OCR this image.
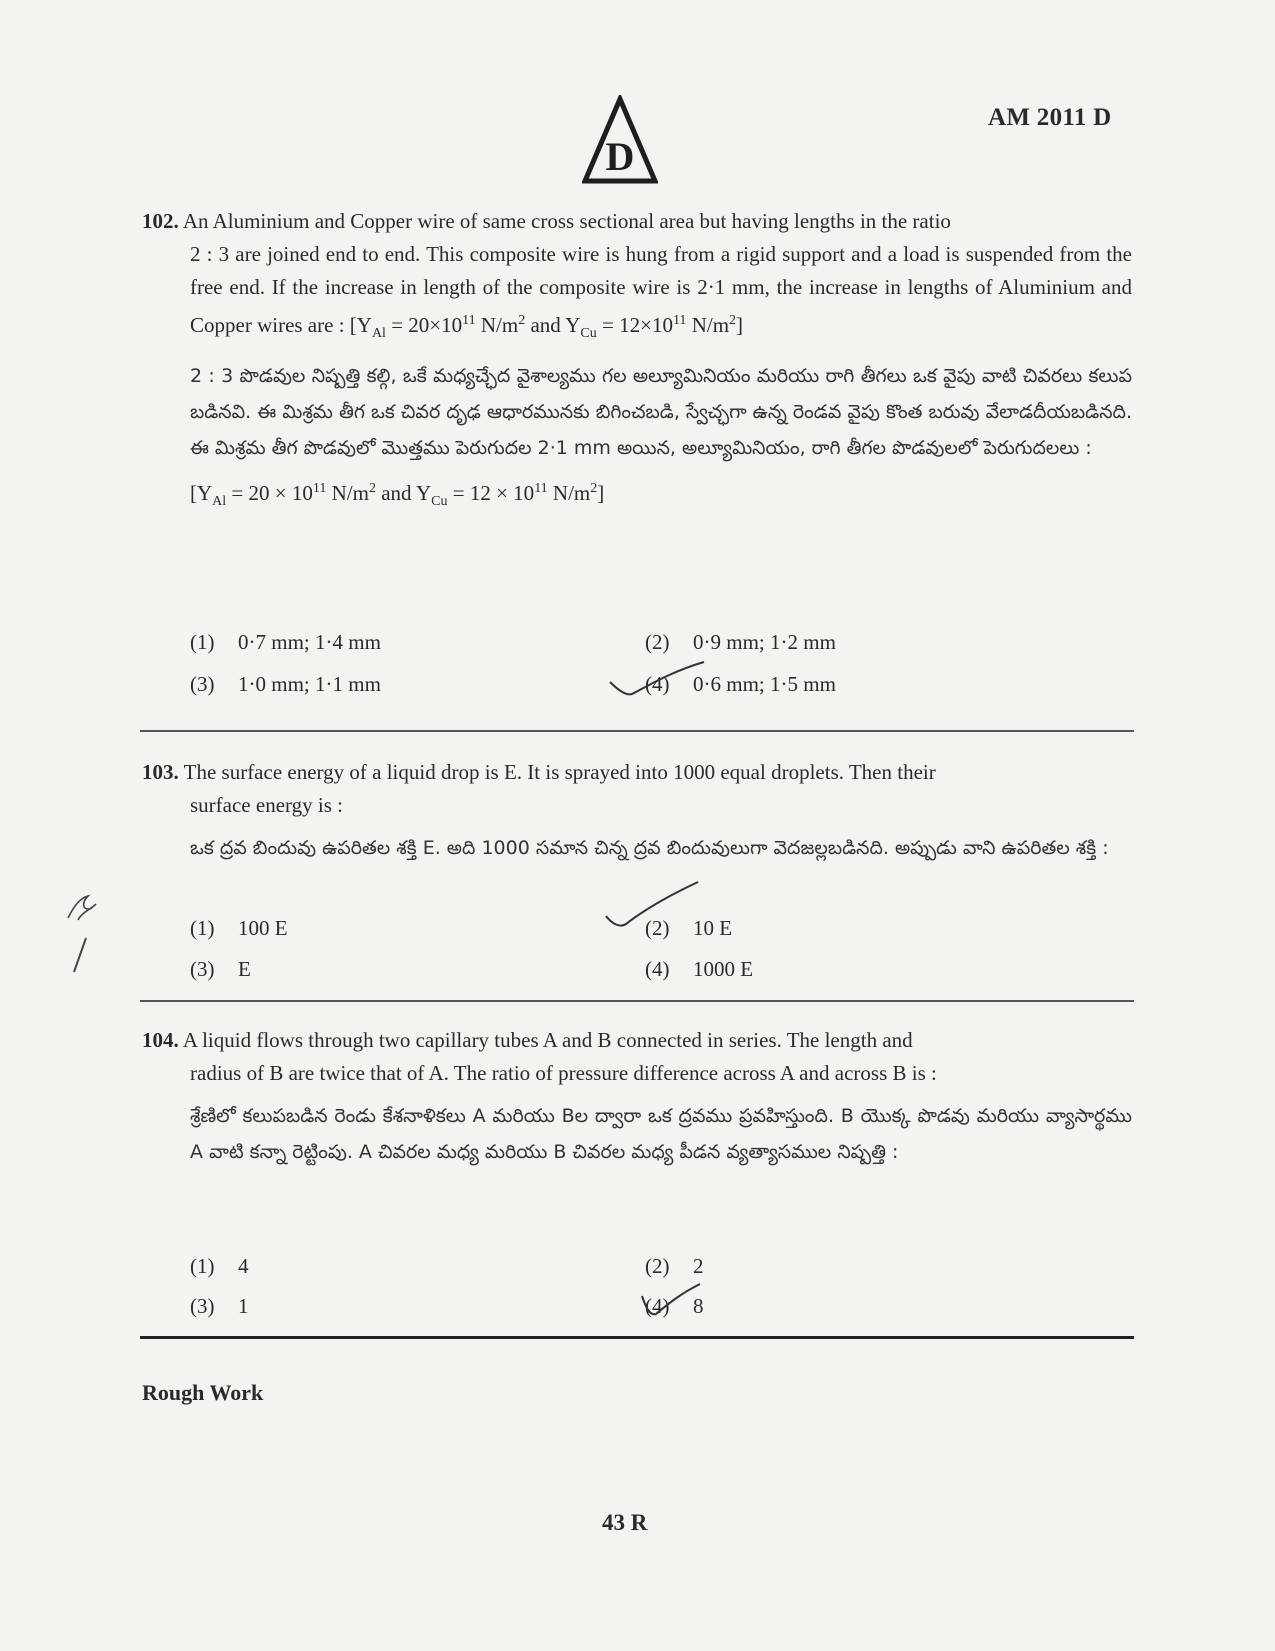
D
AM 2011 D

102. An Aluminium and Copper wire of same cross sectional area but having lengths in the ratio

2 : 3 are joined end to end. This composite wire is hung from a rigid support and a load is suspended from the free end. If the increase in length of the composite wire is 2·1 mm, the increase in lengths of Aluminium and Copper wires are : [$Y_{Al} = 20\times 10^{11}$ $N/m^2$ and $Y_{Cu} = 12\times 10^{11}$ $N/m^2$]

2 : 3 పొడవుల నిష్పత్తి కల్గి, ఒకే మధ్యచ్ఛేద వైశాల్యము గల అల్యూమినియం మరియు రాగి తీగలు ఒక వైపు వాటి చివరలు కలుప బడినవి. ఈ మిశ్రమ తీగ ఒక చివర దృఢ ఆధారమునకు బిగించబడి, స్వేచ్ఛగా ఉన్న రెండవ వైపు కొంత బరువు వేలాడదీయబడినది. ఈ మిశ్రమ తీగ పొడవులో మొత్తము పెరుగుదల 2·1 mm అయిన, అల్యూమినియం, రాగి తీగల పొడవులలో పెరుగుదలలు :

[$Y_{Al} = 20 \times 10^{11}$ $N/m^2$ and $Y_{Cu} = 12 \times 10^{11}$ $N/m^2$]

(1) 0·7 mm; 1·4 mm	(2) 0·9 mm; 1·2 mm
(3) 1·0 mm; 1·1 mm	(4) 0·6 mm; 1·5 mm

103. The surface energy of a liquid drop is E. It is sprayed into 1000 equal droplets. Then their

surface energy is :

ఒక ద్రవ బిందువు ఉపరితల శక్తి E. అది 1000 సమాన చిన్న ద్రవ బిందువులుగా వెదజల్లబడినది. అప్పుడు వాని ఉపరితల శక్తి :

(1) 100 E	(2) 10 E
(3) E	(4) 1000 E

104. A liquid flows through two capillary tubes A and B connected in series. The length and

radius of B are twice that of A. The ratio of pressure difference across A and across B is :

శ్రేణిలో కలుపబడిన రెండు కేశనాళికలు A మరియు Bల ద్వారా ఒక ద్రవము ప్రవహిస్తుంది. B యొక్క పొడవు మరియు వ్యాసార్థము A వాటి కన్నా రెట్టింపు. A చివరల మధ్య మరియు B చివరల మధ్య పీడన వ్యత్యాసముల నిష్పత్తి :

(1) 4	(2) 2
(3) 1	(4) 8
Rough Work
43 R
